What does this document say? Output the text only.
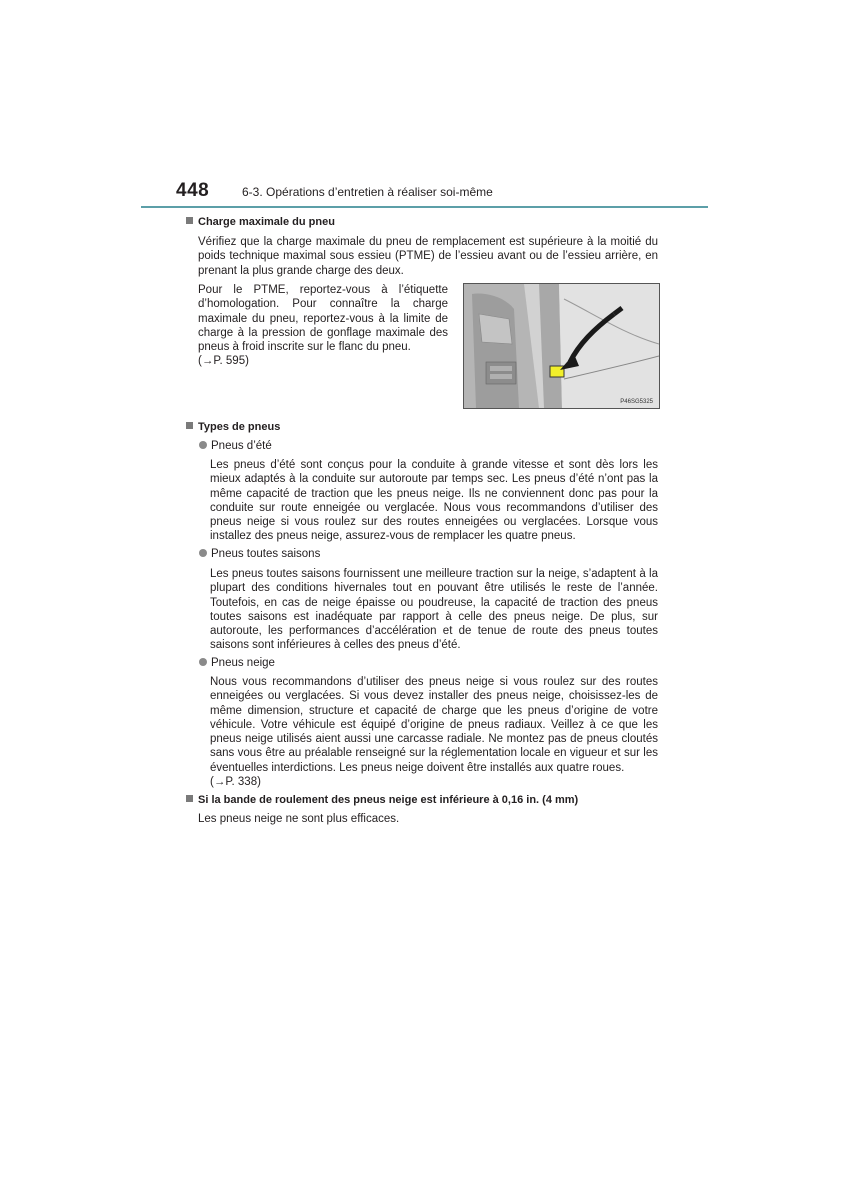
448	6-3. Opérations d’entretien à réaliser soi-même
Charge maximale du pneu
Vérifiez que la charge maximale du pneu de remplacement est supérieure à la moitié du poids technique maximal sous essieu (PTME) de l’essieu avant ou de l’essieu arrière, en prenant la plus grande charge des deux.
Pour le PTME, reportez-vous à l’étiquette d’homologation. Pour connaître la charge maximale du pneu, reportez-vous à la limite de charge à la pression de gonflage maximale des pneus à froid inscrite sur le flanc du pneu.
(→P. 595)
P46SG5325
Types de pneus
Pneus d’été
Les pneus d’été sont conçus pour la conduite à grande vitesse et sont dès lors les mieux adaptés à la conduite sur autoroute par temps sec. Les pneus d’été n’ont pas la même capacité de traction que les pneus neige. Ils ne conviennent donc pas pour la conduite sur route enneigée ou verglacée. Nous vous recommandons d’utiliser des pneus neige si vous roulez sur des routes enneigées ou verglacées. Lorsque vous installez des pneus neige, assurez-vous de remplacer les quatre pneus.
Pneus toutes saisons
Les pneus toutes saisons fournissent une meilleure traction sur la neige, s’adaptent à la plupart des conditions hivernales tout en pouvant être utilisés le reste de l’année. Toutefois, en cas de neige épaisse ou poudreuse, la capacité de traction des pneus toutes saisons est inadéquate par rapport à celle des pneus neige. De plus, sur autoroute, les performances d’accélération et de tenue de route des pneus toutes saisons sont inférieures à celles des pneus d’été.
Pneus neige
Nous vous recommandons d’utiliser des pneus neige si vous roulez sur des routes enneigées ou verglacées. Si vous devez installer des pneus neige, choisissez-les de même dimension, structure et capacité de charge que les pneus d’origine de votre véhicule. Votre véhicule est équipé d’origine de pneus radiaux. Veillez à ce que les pneus neige utilisés aient aussi une carcasse radiale. Ne montez pas de pneus cloutés sans vous être au préalable renseigné sur la réglementation locale en vigueur et sur les éventuelles interdictions. Les pneus neige doivent être installés aux quatre roues.
(→P. 338)
Si la bande de roulement des pneus neige est inférieure à 0,16 in. (4 mm)
Les pneus neige ne sont plus efficaces.
